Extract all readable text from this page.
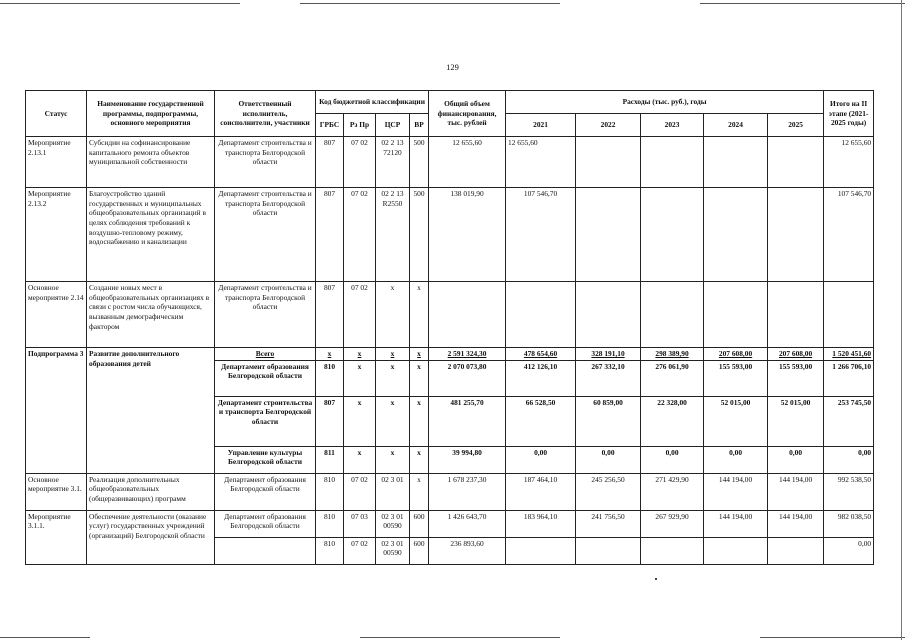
129
Статус	Наименование государственной программы, подпрограммы, основного мероприятия	Ответственный исполнитель, соисполнители, участники	Код бюджетной классификации				Общий объем финансирования, тыс. рублей	Расходы (тыс. руб.), годы					Итого на II этапе (2021-2025 годы)
			ГРБС	Рз Пр	ЦСР	ВР		2021	2022	2023	2024	2025	
Мероприятие 2.13.1	Субсидии на софинансирование капитального ремонта объектов муниципальной собственности	Департамент строительства и транспорта Белгородской области	807	07 02	02 2 13 72120	500	12 655,60	12 655,60					12 655,60
Мероприятие 2.13.2	Благоустройство зданий государственных и муниципальных общеобразовательных организаций в целях соблюдения требований к воздушно-тепловому режиму, водоснабжению и канализации	Департамент строительства и транспорта Белгородской области	807	07 02	02 2 13 R2550	500	138 019,90	107 546,70					107 546,70
Основное мероприятие 2.14	Создание новых мест в общеобразовательных организациях в связи с ростом числа обучающихся, вызванным демографическим фактором	Департамент строительства и транспорта Белгородской области	807	07 02	х	х							
Подпрограмма 3	Развитие дополнительного образования детей	Всего	х	х	х	х	2 591 324,30	478 654,60	328 191,10	298 389,90	207 608,00	207 608,00	1 520 451,60
		Департамент образования Белгородской области	810	х	х	х	2 070 073,80	412 126,10	267 332,10	276 061,90	155 593,00	155 593,00	1 266 706,10
		Департамент строительства и транспорта Белгородской области	807	х	х	х	481 255,70	66 528,50	60 859,00	22 328,00	52 015,00	52 015,00	253 745,50
		Управление культуры Белгородской области	811	х	х	х	39 994,80	0,00	0,00	0,00	0,00	0,00	0,00
Основное мероприятие 3.1.	Реализация дополнительных общеобразовательных (общеразвивающих) программ	Департамент образования Белгородской области	810	07 02	02 3 01	х	1 678 237,30	187 464,10	245 256,50	271 429,90	144 194,00	144 194,00	992 538,50
Мероприятие 3.1.1.	Обеспечение деятельности (оказание услуг) государственных учреждений (организаций) Белгородской области	Департамент образования Белгородской области	810	07 03	02 3 01 00590	600	1 426 643,70	183 964,10	241 756,50	267 929,90	144 194,00	144 194,00	982 038,50
			810	07 02	02 3 01 00590	600	236 893,60						0,00
